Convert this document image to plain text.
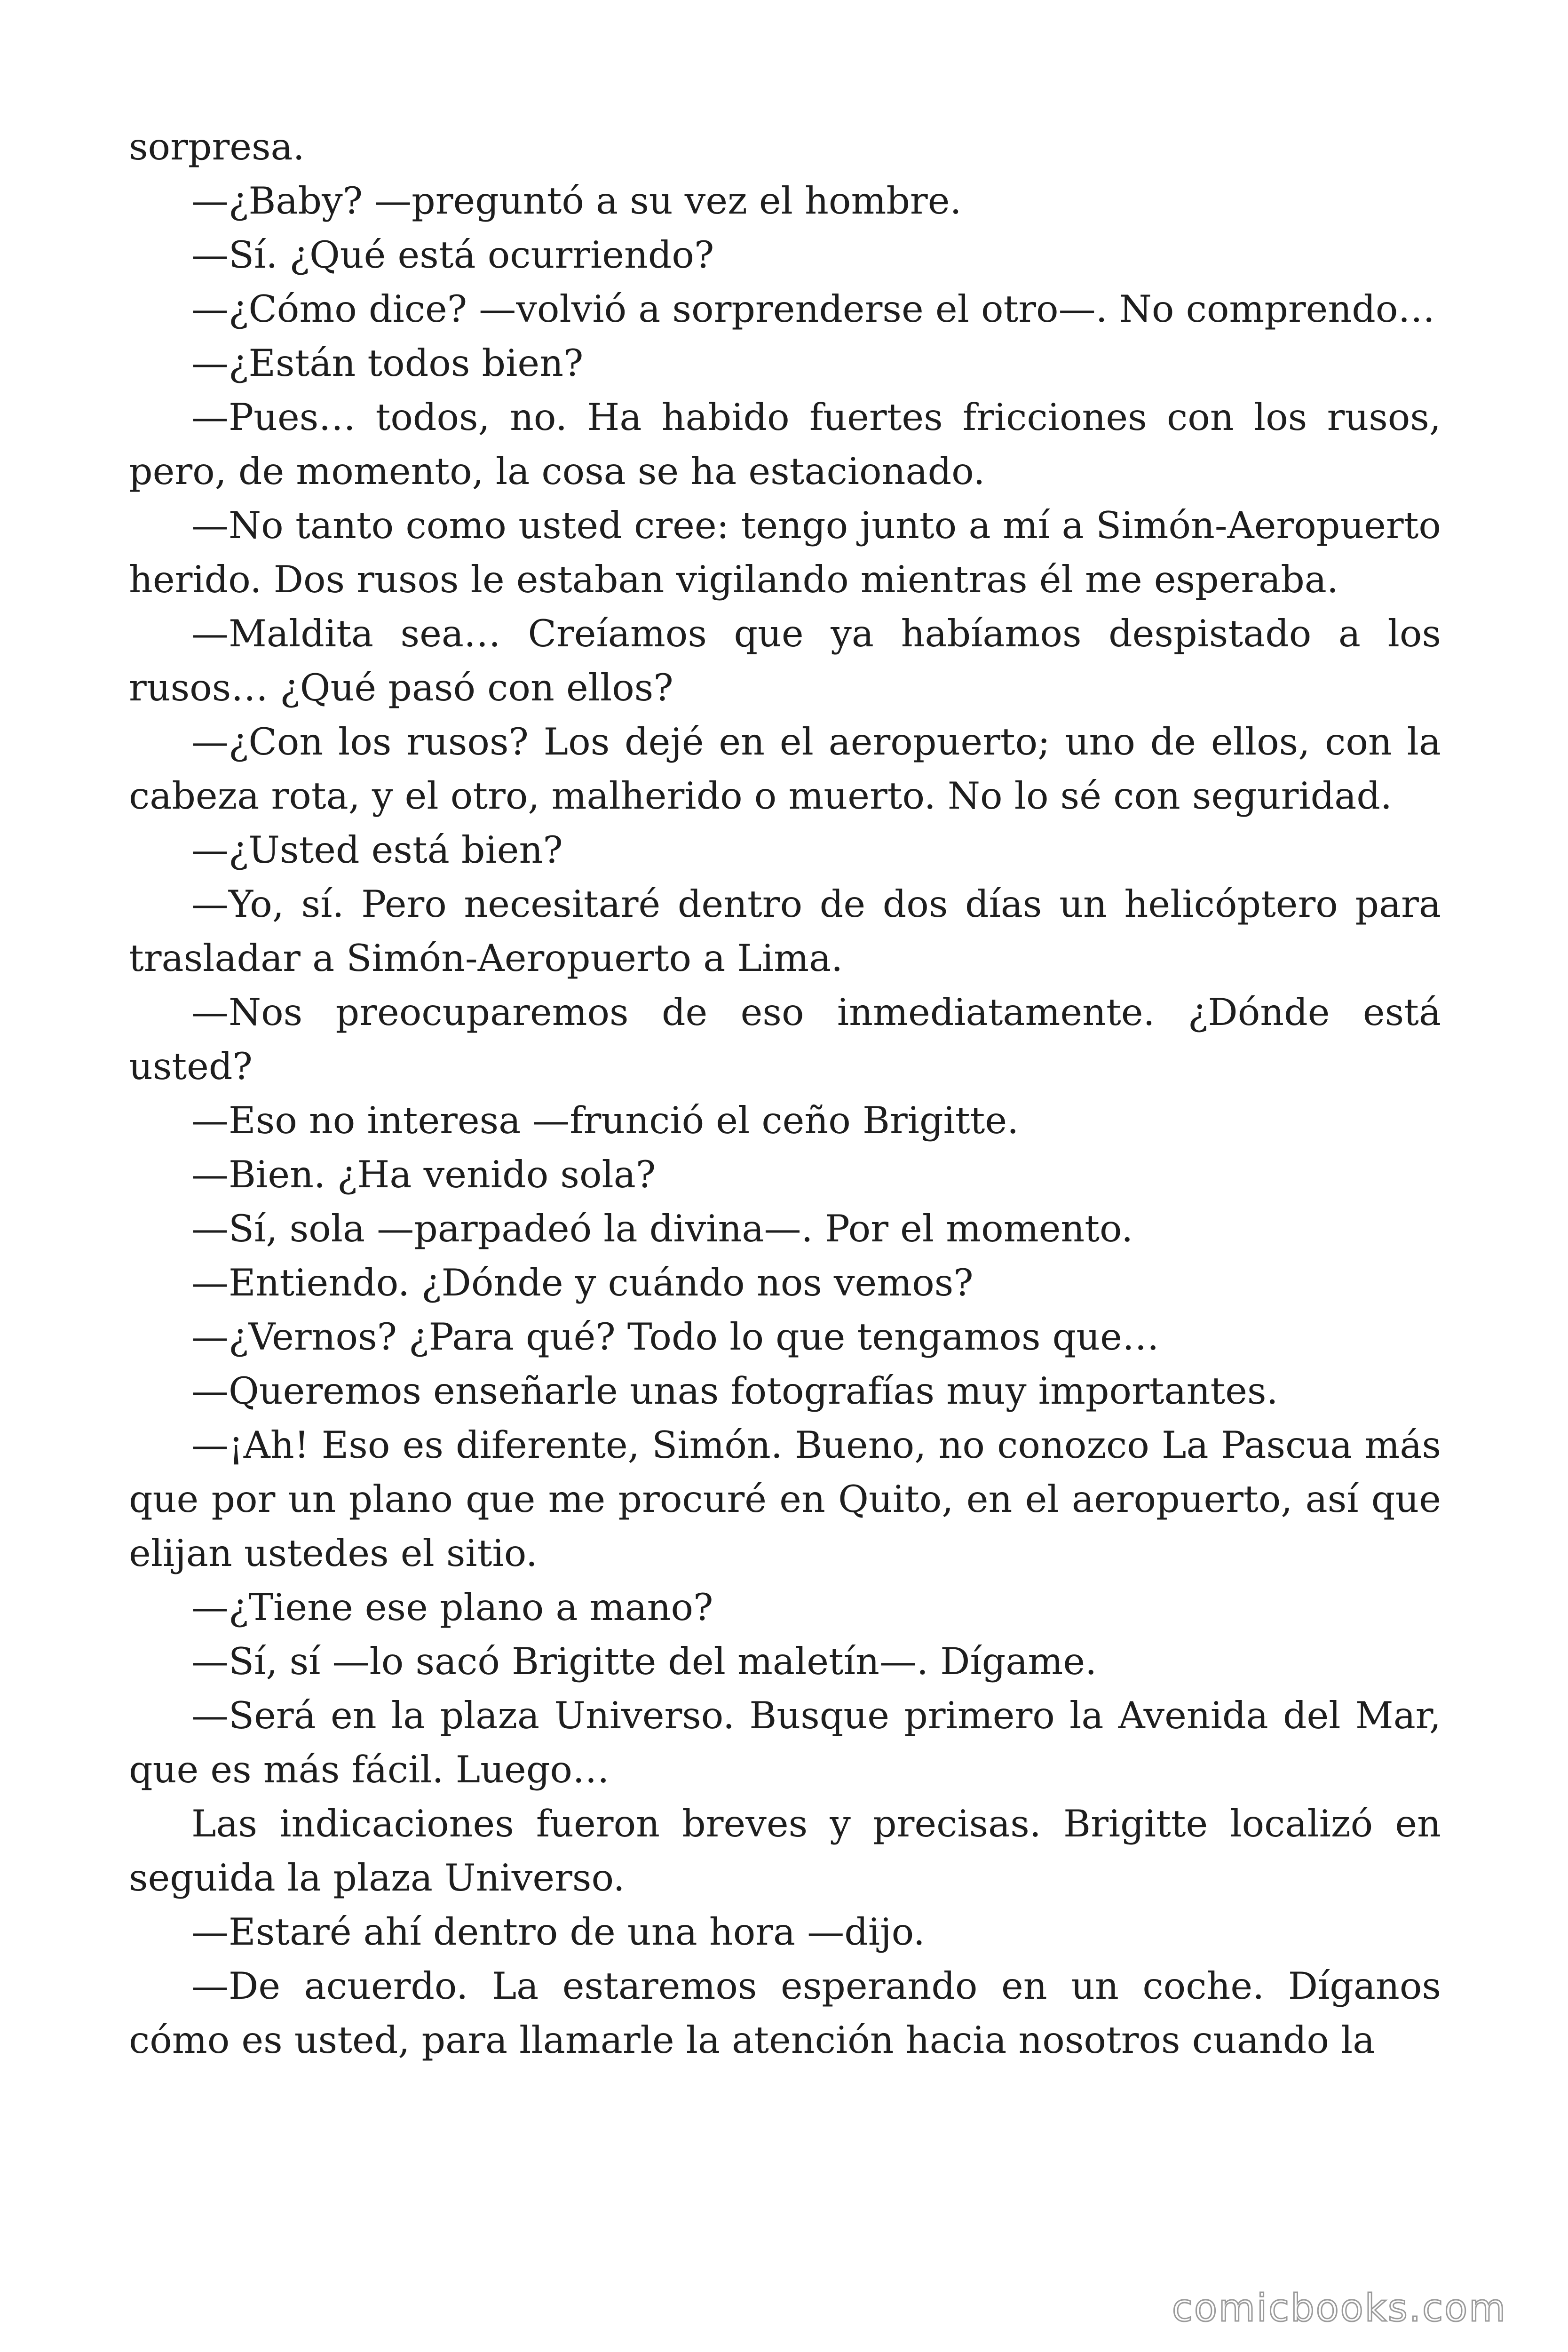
sorpresa.

—¿Baby? —preguntó a su vez el hombre.

—Sí. ¿Qué está ocurriendo?

—¿Cómo dice? —volvió a sorprenderse el otro—. No comprendo…

—¿Están todos bien?

—Pues… todos, no. Ha habido fuertes fricciones con los rusos, pero, de momento, la cosa se ha estacionado.

—No tanto como usted cree: tengo junto a mí a Simón-Aeropuerto herido. Dos rusos le estaban vigilando mientras él me esperaba.

—Maldita sea… Creíamos que ya habíamos despistado a los rusos… ¿Qué pasó con ellos?

—¿Con los rusos? Los dejé en el aeropuerto; uno de ellos, con la cabeza rota, y el otro, malherido o muerto. No lo sé con seguridad.

—¿Usted está bien?

—Yo, sí. Pero necesitaré dentro de dos días un helicóptero para trasladar a Simón-Aeropuerto a Lima.

—Nos preocuparemos de eso inmediatamente. ¿Dónde está usted?

—Eso no interesa —frunció el ceño Brigitte.

—Bien. ¿Ha venido sola?

—Sí, sola —parpadeó la divina—. Por el momento.

—Entiendo. ¿Dónde y cuándo nos vemos?

—¿Vernos? ¿Para qué? Todo lo que tengamos que…

—Queremos enseñarle unas fotografías muy importantes.

—¡Ah! Eso es diferente, Simón. Bueno, no conozco La Pascua más que por un plano que me procuré en Quito, en el aeropuerto, así que elijan ustedes el sitio.

—¿Tiene ese plano a mano?

—Sí, sí —lo sacó Brigitte del maletín—. Dígame.

—Será en la plaza Universo. Busque primero la Avenida del Mar, que es más fácil. Luego…

Las indicaciones fueron breves y precisas. Brigitte localizó en seguida la plaza Universo.

—Estaré ahí dentro de una hora —dijo.

—De acuerdo. La estaremos esperando en un coche. Díganos cómo es usted, para llamarle la atención hacia nosotros cuando la

comicbooks.com
